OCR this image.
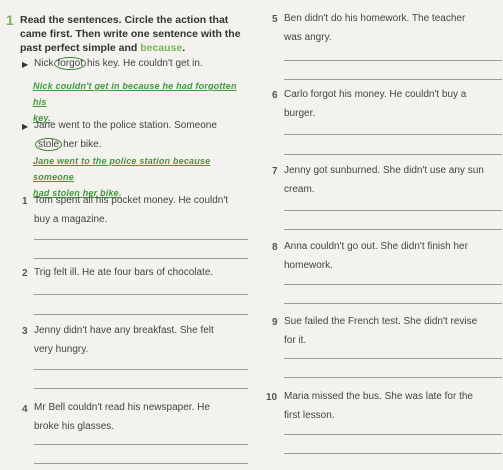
1 Read the sentences. Circle the action that
came first. Then write one sentence with the
past perfect simple and because.
▶ Nick forgot his key. He couldn't get in.
Nick couldn't get in because he had forgotten his
key.
▶ Jane went to the police station. Someone
stole her bike.
Jane went to the police station because someone
had stolen her bike.
1 Tom spent all his pocket money. He couldn't
buy a magazine.
2 Trig felt ill. He ate four bars of chocolate.
3 Jenny didn't have any breakfast. She felt
very hungry.
4 Mr Bell couldn't read his newspaper. He
broke his glasses.
5 Ben didn't do his homework. The teacher
was angry.
6 Carlo forgot his money. He couldn't buy a
burger.
7 Jenny got sunburned. She didn't use any sun
cream.
8 Anna couldn't go out. She didn't finish her
homework.
9 Sue failed the French test. She didn't revise
for it.
10 Maria missed the bus. She was late for the
first lesson.
